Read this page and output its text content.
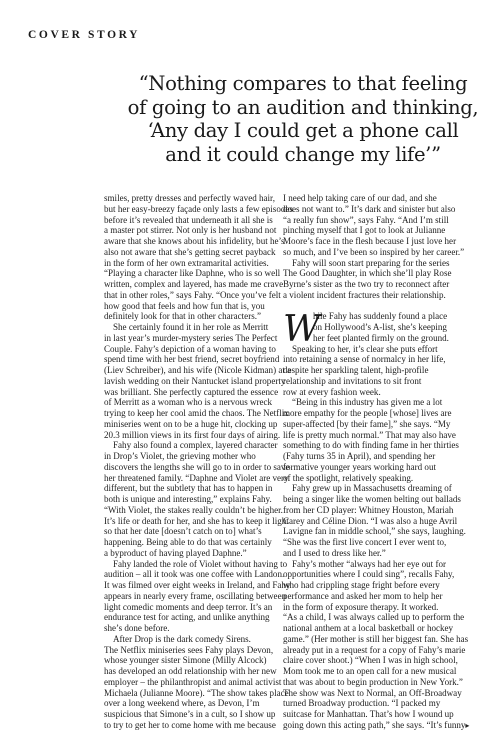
COVER STORY
“Nothing compares to that feeling
of going to an audition and thinking,
‘Any day I could get a phone call
and it could change my life’”
smiles, pretty dresses and perfectly waved hair,
but her easy-breezy façade only lasts a few episodes
before it’s revealed that underneath it all she is
a master pot stirrer. Not only is her husband not
aware that she knows about his infidelity, but he’s
also not aware that she’s getting secret payback
in the form of her own extramarital activities.
“Playing a character like Daphne, who is so well
written, complex and layered, has made me crave
that in other roles,” says Fahy. “Once you’ve felt
how good that feels and how fun that is, you
definitely look for that in other characters.”
She certainly found it in her role as Merritt
in last year’s murder-mystery series The Perfect
Couple. Fahy’s depiction of a woman having to
spend time with her best friend, secret boyfriend
(Liev Schreiber), and his wife (Nicole Kidman) at a
lavish wedding on their Nantucket island property
was brilliant. She perfectly captured the essence
of Merritt as a woman who is a nervous wreck
trying to keep her cool amid the chaos. The Netflix
miniseries went on to be a huge hit, clocking up
20.3 million views in its first four days of airing.
Fahy also found a complex, layered character
in Drop’s Violet, the grieving mother who
discovers the lengths she will go to in order to save
her threatened family. “Daphne and Violet are very
different, but the subtlety that has to happen in
both is unique and interesting,” explains Fahy.
“With Violet, the stakes really couldn’t be higher.
It’s life or death for her, and she has to keep it light
so that her date [doesn’t catch on to] what’s
happening. Being able to do that was certainly
a byproduct of having played Daphne.”
Fahy landed the role of Violet without having to
audition – all it took was one coffee with Landon.
It was filmed over eight weeks in Ireland, and Fahy
appears in nearly every frame, oscillating between
light comedic moments and deep terror. It’s an
endurance test for acting, and unlike anything
she’s done before.
After Drop is the dark comedy Sirens.
The Netflix miniseries sees Fahy plays Devon,
whose younger sister Simone (Milly Alcock)
has developed an odd relationship with her new
employer – the philanthropist and animal activist
Michaela (Julianne Moore). “The show takes place
over a long weekend where, as Devon, I’m
suspicious that Simone’s in a cult, so I show up
to try to get her to come home with me because
I need help taking care of our dad, and she
does not want to.” It’s dark and sinister but also
“a really fun show”, says Fahy. “And I’m still
pinching myself that I got to look at Julianne
Moore’s face in the flesh because I just love her
so much, and I’ve been so inspired by her career.”
Fahy will soon start preparing for the series
The Good Daughter, in which she’ll play Rose
Byrne’s sister as the two try to reconnect after
a violent incident fractures their relationship.
W
hile Fahy has suddenly found a place
on Hollywood’s A-list, she’s keeping
her feet planted firmly on the ground.
Speaking to her, it’s clear she puts effort
into retaining a sense of normalcy in her life,
despite her sparkling talent, high-profile
relationship and invitations to sit front
row at every fashion week.
“Being in this industry has given me a lot
more empathy for the people [whose] lives are
super-affected [by their fame],” she says. “My
life is pretty much normal.” That may also have
something to do with finding fame in her thirties
(Fahy turns 35 in April), and spending her
formative younger years working hard out
of the spotlight, relatively speaking.
Fahy grew up in Massachusetts dreaming of
being a singer like the women belting out ballads
from her CD player: Whitney Houston, Mariah
Carey and Céline Dion. “I was also a huge Avril
Lavigne fan in middle school,” she says, laughing.
“She was the first live concert I ever went to,
and I used to dress like her.”
Fahy’s mother “always had her eye out for
opportunities where I could sing”, recalls Fahy,
who had crippling stage fright before every
performance and asked her mom to help her
in the form of exposure therapy. It worked.
“As a child, I was always called up to perform the
national anthem at a local basketball or hockey
game.” (Her mother is still her biggest fan. She has
already put in a request for a copy of Fahy’s marie
claire cover shoot.) “When I was in high school,
Mom took me to an open call for a new musical
that was about to begin production in New York.”
The show was Next to Normal, an Off-Broadway
turned Broadway production. “I packed my
suitcase for Manhattan. That’s how I wound up
going down this acting path,” she says. “It’s funny▸
